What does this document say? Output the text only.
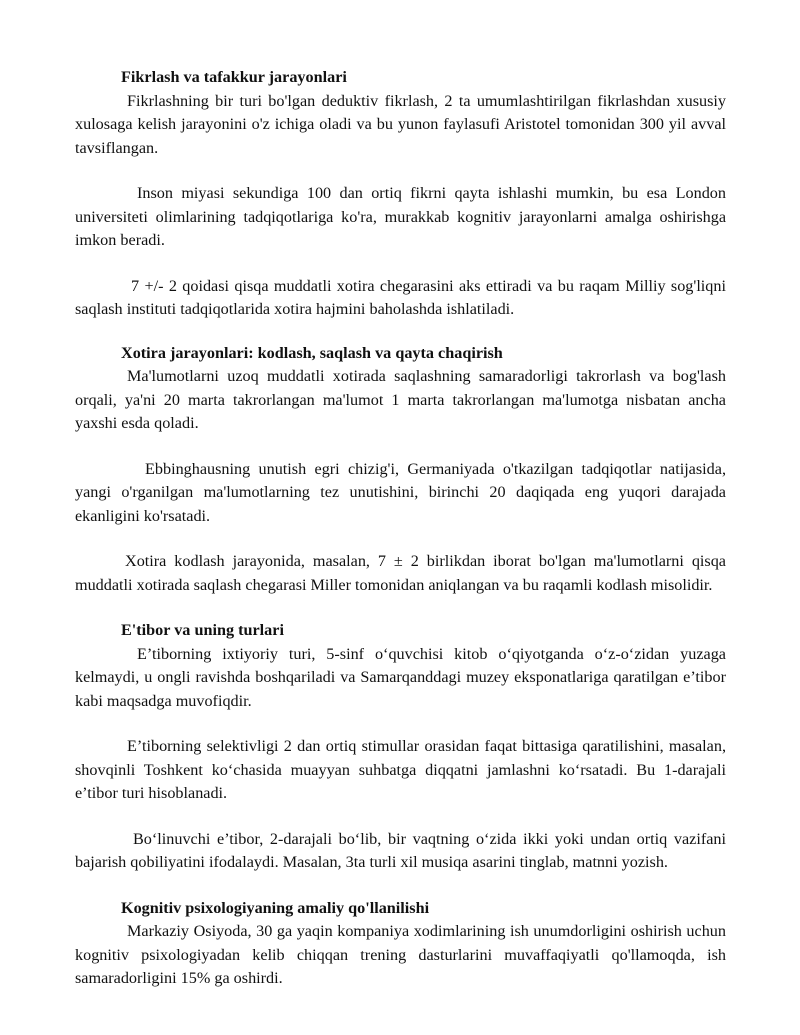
Fikrlash va tafakkur jarayonlari

Fikrlashning bir turi bo'lgan deduktiv fikrlash, 2 ta umumlashtirilgan fikrlashdan xususiy xulosaga kelish jarayonini o'z ichiga oladi va bu yunon faylasufi Aristotel tomonidan 300 yil avval tavsiflangan.

Inson miyasi sekundiga 100 dan ortiq fikrni qayta ishlashi mumkin, bu esa London universiteti olimlarining tadqiqotlariga ko'ra, murakkab kognitiv jarayonlarni amalga oshirishga imkon beradi.

7 +/- 2 qoidasi qisqa muddatli xotira chegarasini aks ettiradi va bu raqam Milliy sog'liqni saqlash instituti tadqiqotlarida xotira hajmini baholashda ishlatiladi.

Xotira jarayonlari: kodlash, saqlash va qayta chaqirish

Ma'lumotlarni uzoq muddatli xotirada saqlashning samaradorligi takrorlash va bog'lash orqali, ya'ni 20 marta takrorlangan ma'lumot 1 marta takrorlangan ma'lumotga nisbatan ancha yaxshi esda qoladi.

Ebbinghausning unutish egri chizig'i, Germaniyada o'tkazilgan tadqiqotlar natijasida, yangi o'rganilgan ma'lumotlarning tez unutishini, birinchi 20 daqiqada eng yuqori darajada ekanligini ko'rsatadi.

Xotira kodlash jarayonida, masalan, 7 ± 2 birlikdan iborat bo'lgan ma'lumotlarni qisqa muddatli xotirada saqlash chegarasi Miller tomonidan aniqlangan va bu raqamli kodlash misolidir.

E'tibor va uning turlari

E’tiborning ixtiyoriy turi, 5-sinf o‘quvchisi kitob o‘qiyotganda o‘z-o‘zidan yuzaga kelmaydi, u ongli ravishda boshqariladi va Samarqanddagi muzey eksponatlariga qaratilgan e’tibor kabi maqsadga muvofiqdir.

E’tiborning selektivligi 2 dan ortiq stimullar orasidan faqat bittasiga qaratilishini, masalan, shovqinli Toshkent ko‘chasida muayyan suhbatga diqqatni jamlashni ko‘rsatadi. Bu 1-darajali e’tibor turi hisoblanadi.

Bo‘linuvchi e’tibor, 2-darajali bo‘lib, bir vaqtning o‘zida ikki yoki undan ortiq vazifani bajarish qobiliyatini ifodalaydi. Masalan, 3ta turli xil musiqa asarini tinglab, matnni yozish.

Kognitiv psixologiyaning amaliy qo'llanilishi

Markaziy Osiyoda, 30 ga yaqin kompaniya xodimlarining ish unumdorligini oshirish uchun kognitiv psixologiyadan kelib chiqqan trening dasturlarini muvaffaqiyatli qo'llamoqda, ish samaradorligini 15% ga oshirdi.
